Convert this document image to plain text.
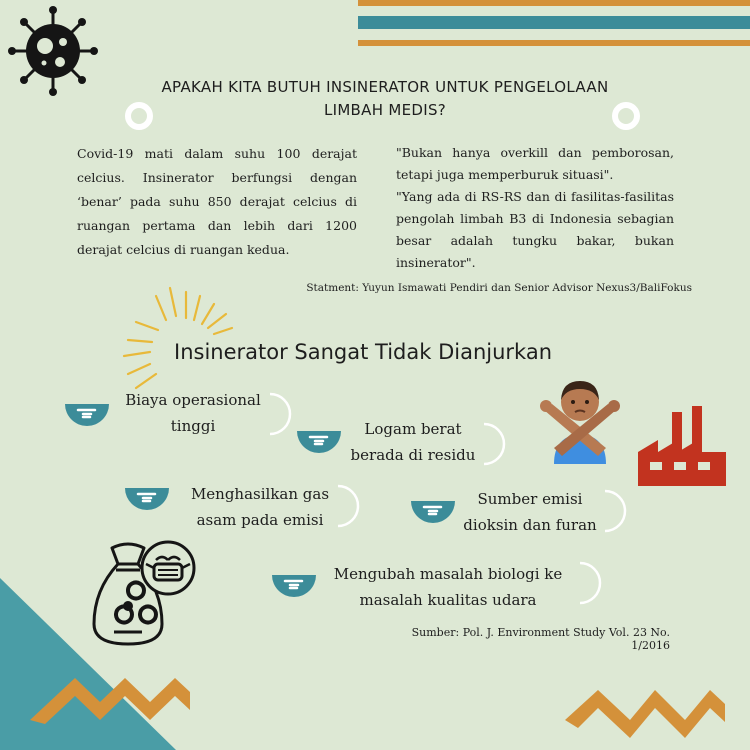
APAKAH KITA BUTUH INSINERATOR UNTUK PENGELOLAAN
LIMBAH MEDIS?
Covid-19 mati dalam suhu 100 derajat celcius. Insinerator berfungsi dengan ‘benar’ pada suhu 850 derajat celcius di ruangan pertama dan lebih dari 1200 derajat celcius di ruangan kedua.
"Bukan hanya overkill dan pemborosan, tetapi juga memperburuk situasi".
"Yang ada di RS-RS dan di fasilitas-fasilitas pengolah limbah B3 di Indonesia sebagian besar adalah tungku bakar, bukan insinerator".
Statment: Yuyun Ismawati Pendiri dan Senior Advisor Nexus3/BaliFokus
Insinerator Sangat Tidak Dianjurkan
Biaya operasional
tinggi	Logam berat
berada di residu
Menghasilkan gas
asam pada emisi
Sumber emisi
dioksin dan furan
Mengubah masalah biologi ke
masalah kualitas udara
Sumber: Pol. J. Environment Study Vol. 23 No. 1/2016
